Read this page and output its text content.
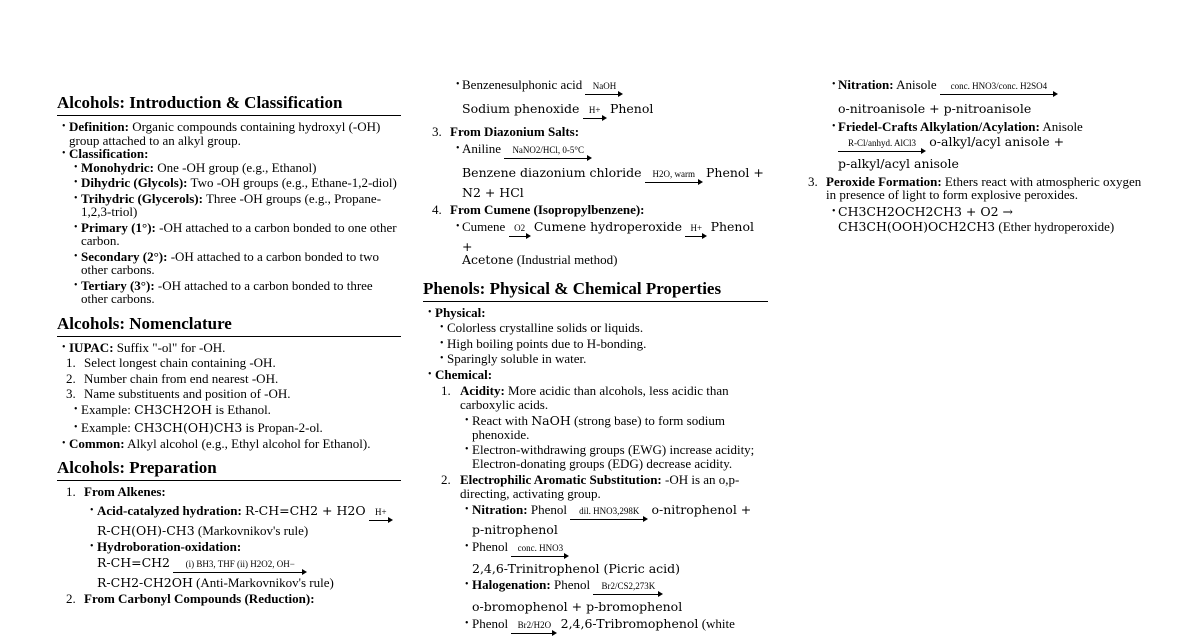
Alcohols: Introduction & Classification
• Definition: Organic compounds containing hydroxyl (-OH) group attached to an alkyl group.
• Classification:
• Monohydric: One -OH group (e.g., Ethanol)
• Dihydric (Glycols): Two -OH groups (e.g., Ethane-1,2-diol)
• Trihydric (Glycerols): Three -OH groups (e.g., Propane-1,2,3-triol)
• Primary (1°): -OH attached to a carbon bonded to one other carbon.
• Secondary (2°): -OH attached to a carbon bonded to two other carbons.
• Tertiary (3°): -OH attached to a carbon bonded to three other carbons.
Alcohols: Nomenclature
• IUPAC: Suffix "-ol" for -OH.
1. Select longest chain containing -OH.
2. Number chain from end nearest -OH.
3. Name substituents and position of -OH.
• Example: CH3CH2OH is Ethanol.
• Example: CH3CH(OH)CH3 is Propan-2-ol.
• Common: Alkyl alcohol (e.g., Ethyl alcohol for Ethanol).
Alcohols: Preparation
1. From Alkenes:
• Acid-catalyzed hydration: R-CH=CH2 + H2O	H+
R-CH(OH)-CH3 (Markovnikov's rule)
• Hydroboration-oxidation:
R-CH=CH2	(i) BH3, THF (ii) H2O2, OH−
R-CH2-CH2OH (Anti-Markovnikov's rule)
2. From Carbonyl Compounds (Reduction):
• Benzenesulphonic acid	NaOH
Sodium phenoxide	H+ Phenol
3. From Diazonium Salts:
• Aniline	NaNO2/HCl, 0-5°C
Benzene diazonium chloride	H2O, warm Phenol +
N2 + HCl
4. From Cumene (Isopropylbenzene):
• Cumene O2 Cumene hydroperoxide H+ Phenol +
Acetone (Industrial method)
Phenols: Physical & Chemical Properties
• Physical:
• Colorless crystalline solids or liquids.
• High boiling points due to H-bonding.
• Sparingly soluble in water.
• Chemical:
1. Acidity: More acidic than alcohols, less acidic than carboxylic acids.
• React with NaOH (strong base) to form sodium phenoxide.
• Electron-withdrawing groups (EWG) increase acidity; Electron-donating groups (EDG) decrease acidity.
2. Electrophilic Aromatic Substitution: -OH is an o,p-directing, activating group.
• Nitration: Phenol	dil. HNO3,298K o-nitrophenol +
p-nitrophenol
• Phenol	conc. HNO3
2,4,6-Trinitrophenol (Picric acid)
• Halogenation: Phenol	Br2/CS2,273K
o-bromophenol + p-bromophenol
• Phenol	Br2/H2O 2,4,6-Tribromophenol (white
• Nitration: Anisole	conc. HNO3/conc. H2SO4
o-nitroanisole + p-nitroanisole
• Friedel-Crafts Alkylation/Acylation: Anisole
R-Cl/anhyd. AlCl3	o-alkyl/acyl anisole +
p-alkyl/acyl anisole
3. Peroxide Formation: Ethers react with atmospheric oxygen in presence of light to form explosive peroxides.
• CH3CH2OCH2CH3 + O2 →
CH3CH(OOH)OCH2CH3 (Ether hydroperoxide)
